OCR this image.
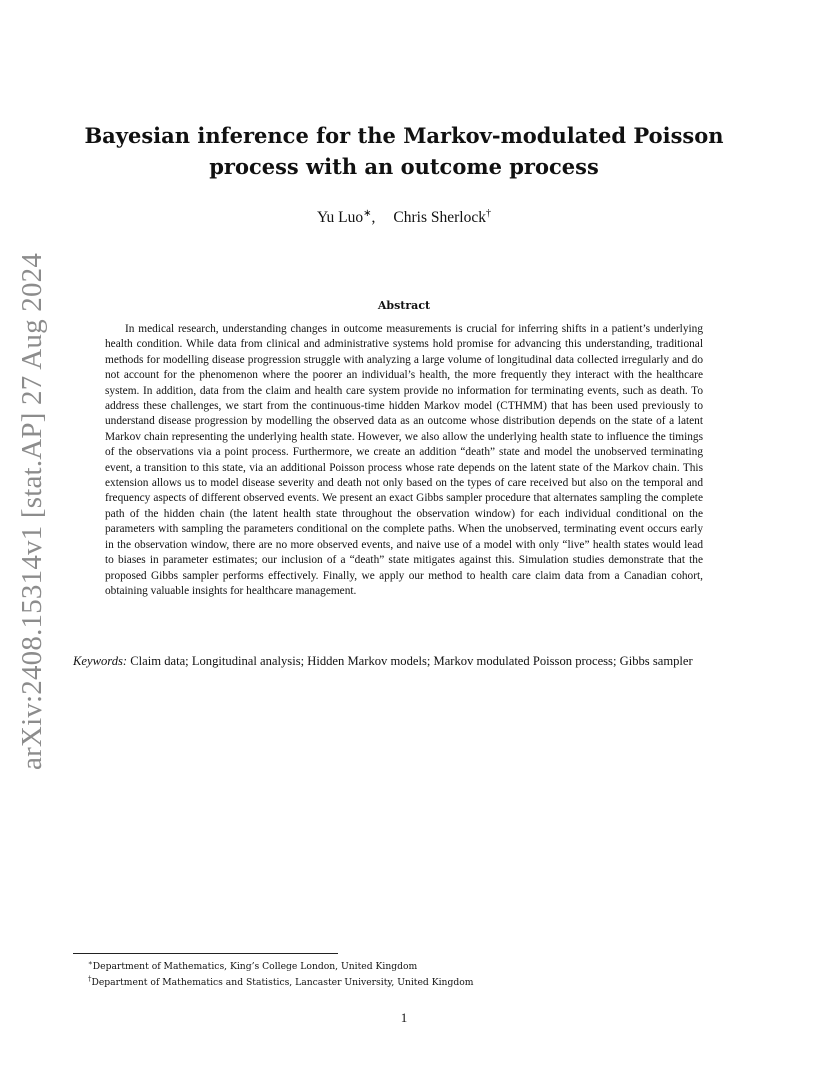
arXiv:2408.15314v1 [stat.AP] 27 Aug 2024
Bayesian inference for the Markov-modulated Poisson process with an outcome process
Yu Luo∗, Chris Sherlock†
Abstract

In medical research, understanding changes in outcome measurements is crucial for inferring shifts in a patient’s underlying health condition. While data from clinical and administrative systems hold promise for advancing this understanding, traditional methods for modelling disease progression struggle with analyzing a large volume of longitudinal data collected irregularly and do not account for the phenomenon where the poorer an individual’s health, the more frequently they interact with the healthcare system. In addition, data from the claim and health care system provide no information for terminating events, such as death. To address these challenges, we start from the continuous-time hidden Markov model (CTHMM) that has been used previously to understand disease progression by modelling the observed data as an outcome whose distribution depends on the state of a latent Markov chain representing the underlying health state. However, we also allow the underlying health state to influence the timings of the observations via a point process. Furthermore, we create an addition “death” state and model the unobserved terminating event, a transition to this state, via an additional Poisson process whose rate depends on the latent state of the Markov chain. This extension allows us to model disease severity and death not only based on the types of care received but also on the temporal and frequency aspects of different observed events. We present an exact Gibbs sampler procedure that alternates sampling the complete path of the hidden chain (the latent health state throughout the observation window) for each individual conditional on the parameters with sampling the parameters conditional on the complete paths. When the unobserved, terminating event occurs early in the observation window, there are no more observed events, and naive use of a model with only “live” health states would lead to biases in parameter estimates; our inclusion of a “death” state mitigates against this. Simulation studies demonstrate that the proposed Gibbs sampler performs effectively. Finally, we apply our method to health care claim data from a Canadian cohort, obtaining valuable insights for healthcare management.

Keywords: Claim data; Longitudinal analysis; Hidden Markov models; Markov modulated Poisson process; Gibbs sampler

∗Department of Mathematics, King’s College London, United Kingdom
†Department of Mathematics and Statistics, Lancaster University, United Kingdom
1
